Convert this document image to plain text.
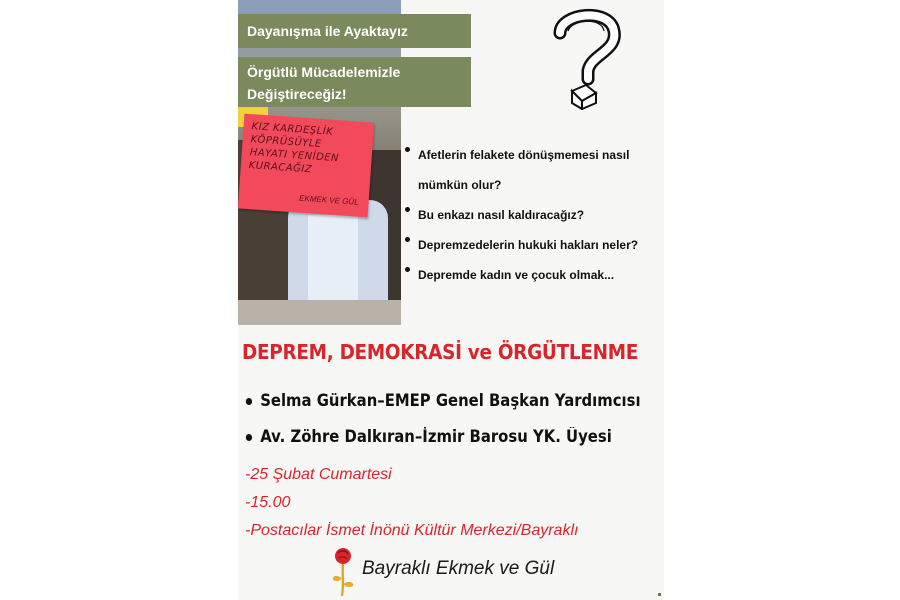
KIZ KARDEŞLİK
KÖPRÜSÜYLE
HAYATI YENİDEN
KURACAĞIZ
EKMEK VE GÜL
Dayanışma ile Ayaktayız
Örgütlü Mücadelemizle
Değiştireceğiz!
Afetlerin felakete dönüşmemesi nasıl
mümkün olur?
Bu enkazı nasıl kaldıracağız?
Depremzedelerin hukuki hakları neler?
Depremde kadın ve çocuk olmak...
DEPREM, DEMOKRASİ ve ÖRGÜTLENME
Selma Gürkan–EMEP Genel Başkan Yardımcısı
Av. Zöhre Dalkıran–İzmir Barosu YK. Üyesi
-25 Şubat Cumartesi
-15.00
-Postacılar İsmet İnönü Kültür Merkezi/Bayraklı
Bayraklı Ekmek ve Gül
